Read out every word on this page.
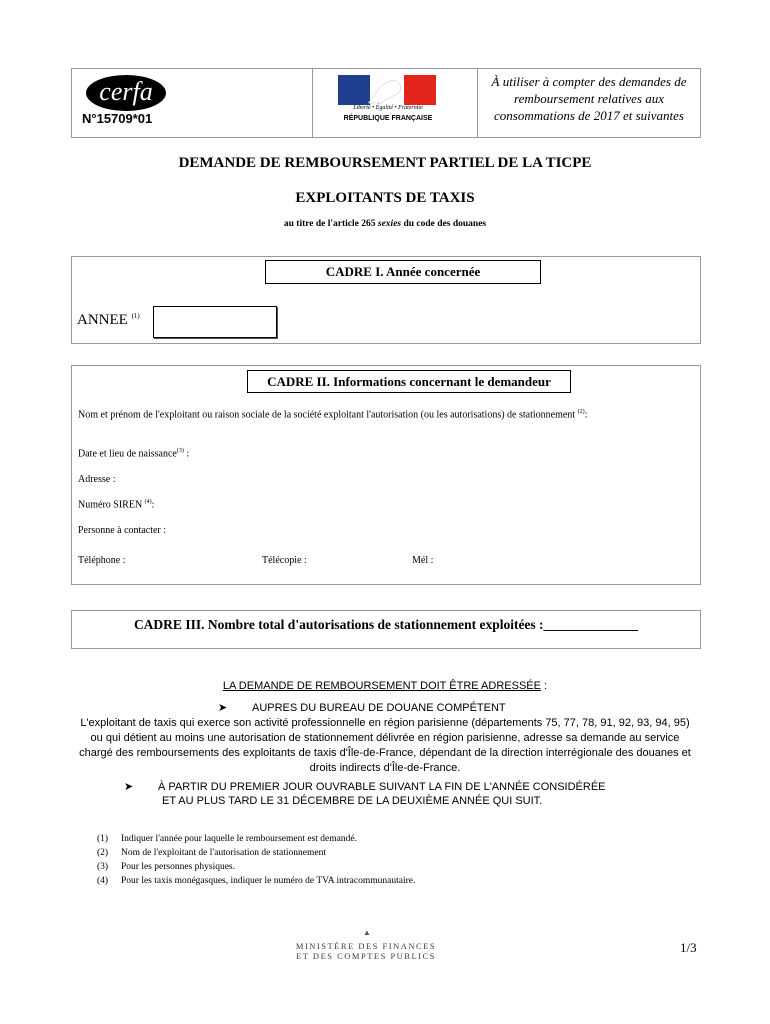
cerfa
N°15709*01
Liberté • Égalité • Fraternité
RÉPUBLIQUE FRANÇAISE
À utiliser à compter des demandes de remboursement relatives aux consommations de 2017 et suivantes
DEMANDE DE REMBOURSEMENT PARTIEL DE LA TICPE
EXPLOITANTS DE TAXIS
au titre de l'article 265 sexies du code des douanes
CADRE I. Année concernée
ANNEE $^{(1)}$
CADRE II. Informations concernant le demandeur
Nom et prénom de l'exploitant ou raison sociale de la société exploitant l'autorisation (ou les autorisations) de stationnement $^{(2)}$:
Date et lieu de naissance$^{(3)}$ :
Adresse :
Numéro SIREN $^{(4)}$:
Personne à contacter :
Téléphone :	Télécopie :	Mél :
CADRE III. Nombre total d'autorisations de stationnement exploitées :______________
LA DEMANDE DE REMBOURSEMENT DOIT ÊTRE ADRESSÉE :
➤ AUPRES DU BUREAU DE DOUANE COMPÉTENT
L'exploitant de taxis qui exerce son activité professionnelle en région parisienne (départements 75, 77, 78, 91, 92, 93, 94, 95) ou qui détient au moins une autorisation de stationnement délivrée en région parisienne, adresse sa demande au service chargé des remboursements des exploitants de taxis d'Île-de-France, dépendant de la direction interrégionale des douanes et droits indirects d'Île-de-France.
➤ À PARTIR DU PREMIER JOUR OUVRABLE SUIVANT LA FIN DE L'ANNÉE CONSIDÉRÉE
ET AU PLUS TARD LE 31 DÉCEMBRE DE LA DEUXIÈME ANNÉE QUI SUIT.
(1) Indiquer l'année pour laquelle le remboursement est demandé.
(2) Nom de l'exploitant de l'autorisation de stationnement
(3) Pour les personnes physiques.
(4) Pour les taxis monégasques, indiquer le numéro de TVA intracommunautaire.
▲
MINISTÈRE DES FINANCES
ET DES COMPTES PUBLICS
1/3
